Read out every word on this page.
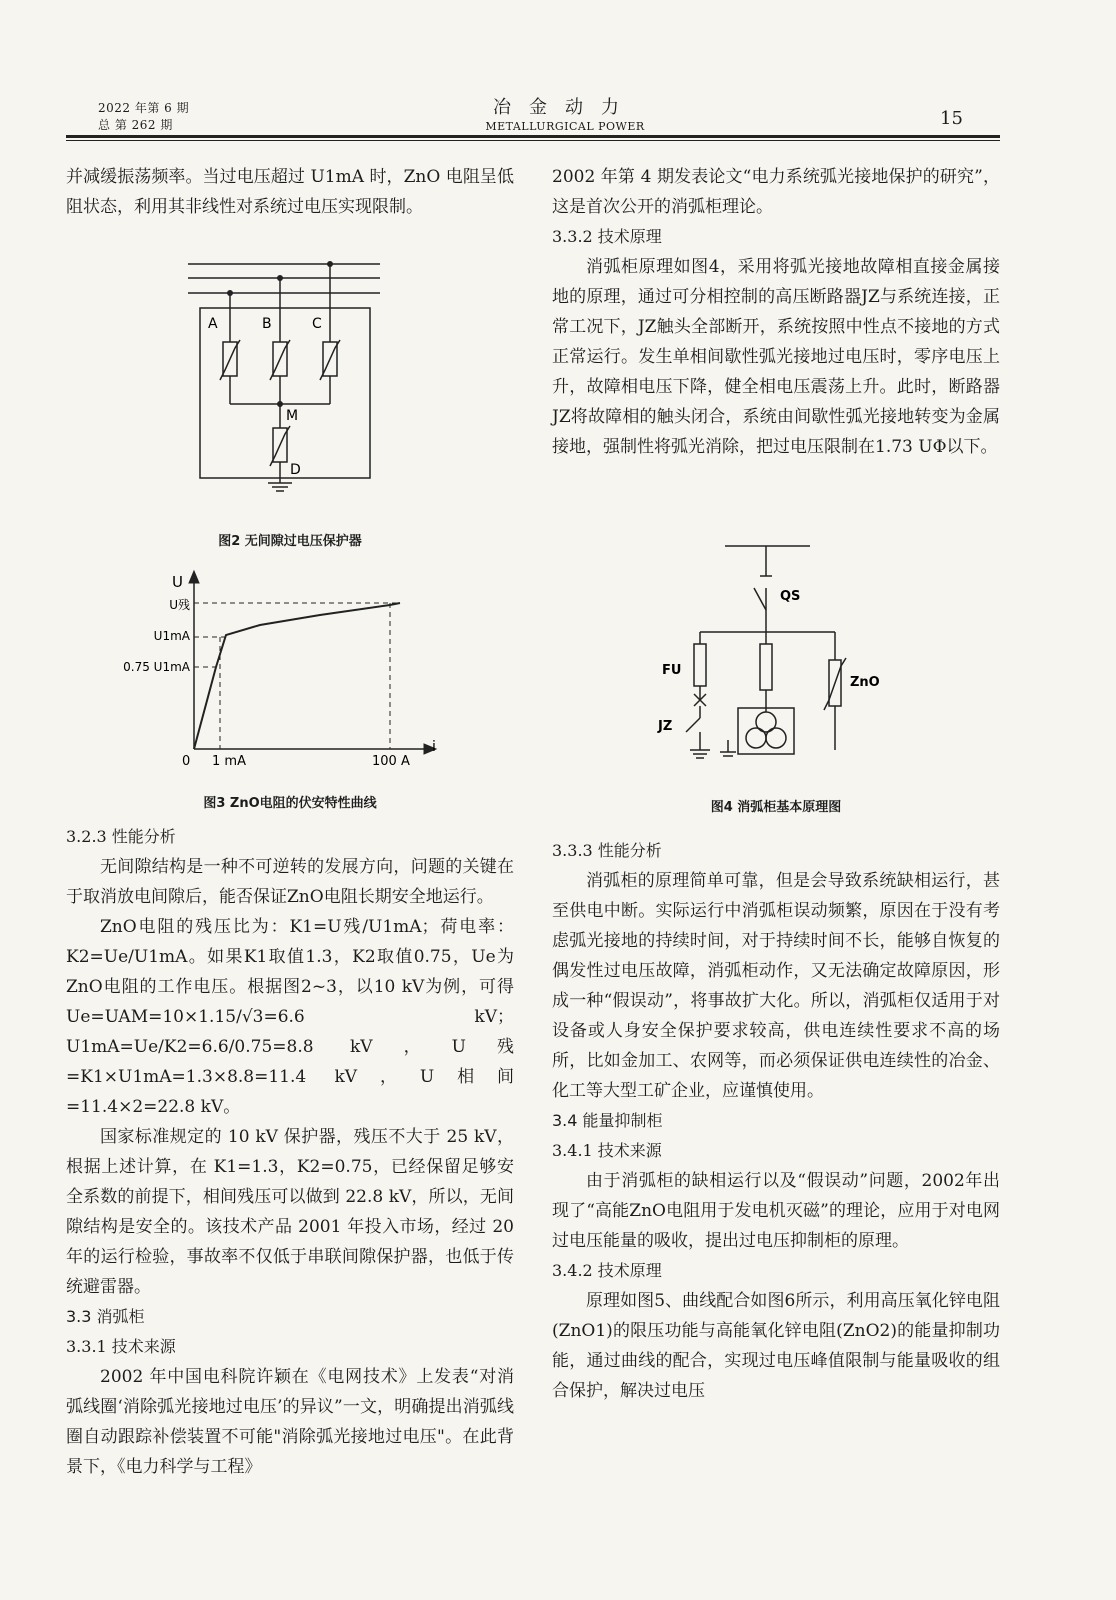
2022 年第 6 期
总 第 262 期
冶金动力
METALLURGICAL POWER	15

并减缓振荡频率。当过电压超过 U1mA 时，ZnO 电阻呈低阻状态，利用其非线性对系统过电压实现限制。

A	B	C
M
D
图2 无间隙过电压保护器
U
i
U残
U1mA
0.75 U1mA
0 1 mA	100 A
图3 ZnO电阻的伏安特性曲线

3.2.3 性能分析

无间隙结构是一种不可逆转的发展方向，问题的关键在于取消放电间隙后，能否保证ZnO电阻长期安全地运行。

ZnO电阻的残压比为：K1=U残/U1mA；荷电率：K2=Ue/U1mA。如果K1取值1.3，K2取值0.75，Ue为ZnO电阻的工作电压。根据图2~3，以10 kV为例，可得Ue=UAM=10×1.15/√3=6.6 kV；U1mA=Ue/K2=6.6/0.75=8.8 kV，U残=K1×U1mA=1.3×8.8=11.4 kV，U相间=11.4×2=22.8 kV。

国家标准规定的 10 kV 保护器，残压不大于 25 kV，根据上述计算，在 K1=1.3，K2=0.75，已经保留足够安全系数的前提下，相间残压可以做到 22.8 kV，所以，无间隙结构是安全的。该技术产品 2001 年投入市场，经过 20 年的运行检验，事故率不仅低于串联间隙保护器，也低于传统避雷器。

3.3 消弧柜

3.3.1 技术来源

2002 年中国电科院许颖在《电网技术》上发表“对消弧线圈‘消除弧光接地过电压’的异议”一文，明确提出消弧线圈自动跟踪补偿装置不可能"消除弧光接地过电压"。在此背景下，《电力科学与工程》

2002 年第 4 期发表论文“电力系统弧光接地保护的研究”，这是首次公开的消弧柜理论。

3.3.2 技术原理

消弧柜原理如图4，采用将弧光接地故障相直接金属接地的原理，通过可分相控制的高压断路器JZ与系统连接，正常工况下，JZ触头全部断开，系统按照中性点不接地的方式正常运行。发生单相间歇性弧光接地过电压时，零序电压上升，故障相电压下降，健全相电压震荡上升。此时，断路器JZ将故障相的触头闭合，系统由间歇性弧光接地转变为金属接地，强制性将弧光消除，把过电压限制在1.73 UΦ以下。

QS
FU
ZnO
JZ
图4 消弧柜基本原理图

3.3.3 性能分析

消弧柜的原理简单可靠，但是会导致系统缺相运行，甚至供电中断。实际运行中消弧柜误动频繁，原因在于没有考虑弧光接地的持续时间，对于持续时间不长，能够自恢复的偶发性过电压故障，消弧柜动作，又无法确定故障原因，形成一种“假误动”，将事故扩大化。所以，消弧柜仅适用于对设备或人身安全保护要求较高，供电连续性要求不高的场所，比如金加工、农网等，而必须保证供电连续性的冶金、化工等大型工矿企业，应谨慎使用。

3.4 能量抑制柜

3.4.1 技术来源

由于消弧柜的缺相运行以及“假误动”问题，2002年出现了“高能ZnO电阻用于发电机灭磁”的理论，应用于对电网过电压能量的吸收，提出过电压抑制柜的原理。

3.4.2 技术原理

原理如图5、曲线配合如图6所示，利用高压氧化锌电阻(ZnO1)的限压功能与高能氧化锌电阻(ZnO2)的能量抑制功能，通过曲线的配合，实现过电压峰值限制与能量吸收的组合保护，解决过电压
